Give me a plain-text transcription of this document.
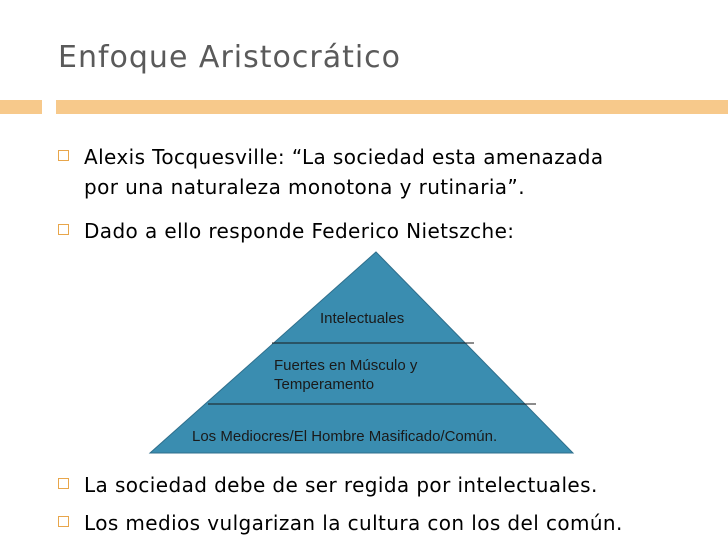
Enfoque Aristocrático
Alexis Tocquesville: “La sociedad esta amenazada
por una naturaleza monotona y rutinaria”.
Dado a ello responde Federico Nietszche:
Intelectuales
Fuertes en Músculo y
Temperamento
Los Mediocres/El Hombre Masificado/Común.
La sociedad debe de ser regida por intelectuales.
Los medios vulgarizan la cultura con los del común.
